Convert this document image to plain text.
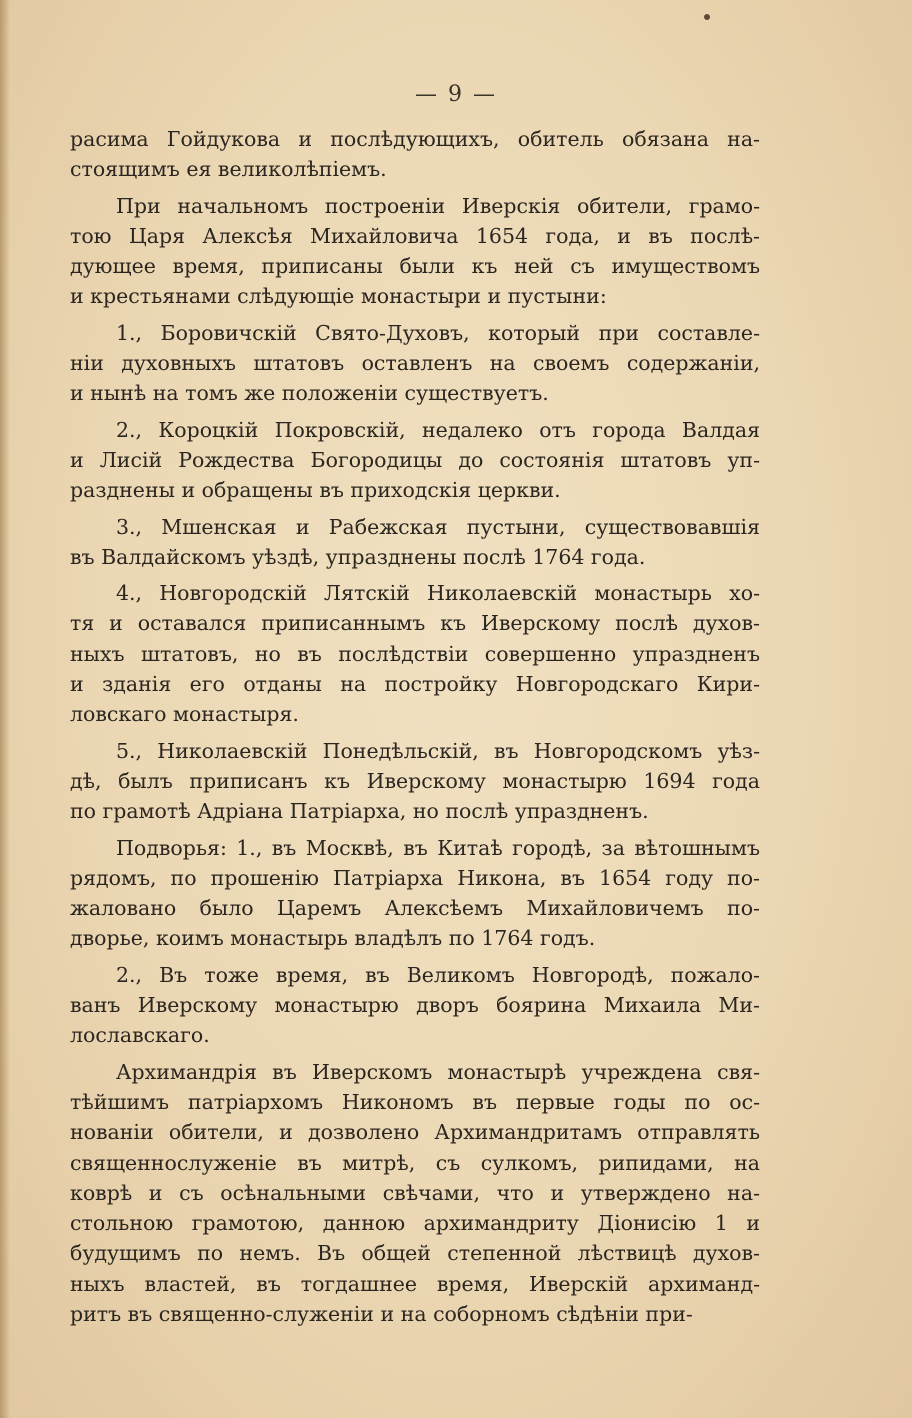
— 9 —
расима Гойдукова и послѣдующихъ, обитель обязана на-
стоящимъ ея великолѣпіемъ.
При начальномъ построеніи Иверскія обители, грамо-
тою Царя Алексѣя Михайловича 1654 года, и въ послѣ-
дующее время, приписаны были къ ней съ имуществомъ
и крестьянами слѣдующіе монастыри и пустыни:
1., Боровичскій Свято-Духовъ, который при составле-
ніи духовныхъ штатовъ оставленъ на своемъ содержаніи,
и нынѣ на томъ же положеніи существуетъ.
2., Короцкій Покровскій, недалеко отъ города Валдая
и Лисій Рождества Богородицы до состоянія штатовъ уп-
разднены и обращены въ приходскія церкви.
3., Мшенская и Рабежская пустыни, существовавшія
въ Валдайскомъ уѣздѣ, упразднены послѣ 1764 года.
4., Новгородскій Лятскій Николаевскій монастырь хо-
тя и оставался приписаннымъ къ Иверскому послѣ духов-
ныхъ штатовъ, но въ послѣдствіи совершенно упраздненъ
и зданія его отданы на постройку Новгородскаго Кири-
ловскаго монастыря.
5., Николаевскій Понедѣльскій, въ Новгородскомъ уѣз-
дѣ, былъ приписанъ къ Иверскому монастырю 1694 года
по грамотѣ Адріана Патріарха, но послѣ упраздненъ.
Подворья: 1., въ Москвѣ, въ Китаѣ городѣ, за вѣтошнымъ
рядомъ, по прошенію Патріарха Никона, въ 1654 году по-
жаловано было Царемъ Алексѣемъ Михайловичемъ по-
дворье, коимъ монастырь владѣлъ по 1764 годъ.
2., Въ тоже время, въ Великомъ Новгородѣ, пожало-
ванъ Иверскому монастырю дворъ боярина Михаила Ми-
лославскаго.
Архимандрія въ Иверскомъ монастырѣ учреждена свя-
тѣйшимъ патріархомъ Никономъ въ первые годы по ос-
нованіи обители, и дозволено Архимандритамъ отправлять
священнослуженіе въ митрѣ, съ сулкомъ, рипидами, на
коврѣ и съ осѣнальными свѣчами, что и утверждено на-
стольною грамотою, данною архимандриту Діонисію 1 и
будущимъ по немъ. Въ общей степенной лѣствицѣ духов-
ныхъ властей, въ тогдашнее время, Иверскій архиманд-
ритъ въ священно-служеніи и на соборномъ сѣдѣніи при-
